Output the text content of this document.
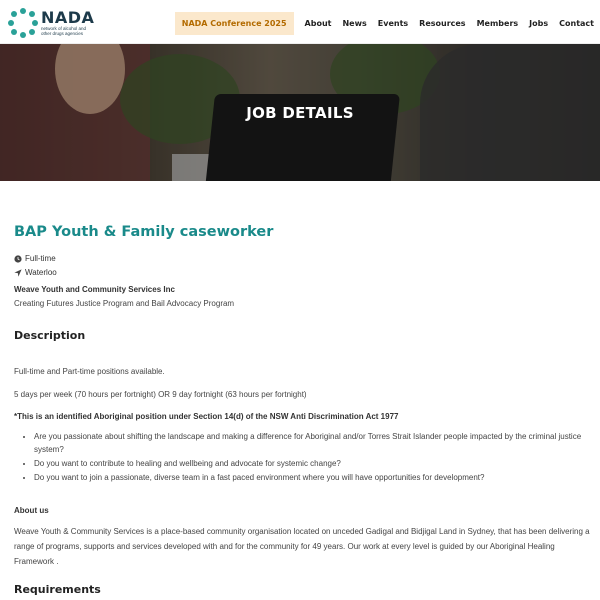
NADA
network of alcohol and other drugs agencies
NADA Conference 2025	About News Events Resources Members Jobs Contact
JOB DETAILS
BAP Youth & Family caseworker
Full-time
Waterloo
Weave Youth and Community Services Inc
Creating Futures Justice Program and Bail Advocacy Program
Description
Full-time and Part-time positions available.
5 days per week (70 hours per fortnight) OR 9 day fortnight (63 hours per fortnight)
*This is an identified Aboriginal position under Section 14(d) of the NSW Anti Discrimination Act 1977
• Are you passionate about shifting the landscape and making a difference for Aboriginal and/or Torres Strait Islander people impacted by the criminal justice system?
• Do you want to contribute to healing and wellbeing and advocate for systemic change?
• Do you want to join a passionate, diverse team in a fast paced environment where you will have opportunities for development?
About us
Weave Youth & Community Services is a place-based community organisation located on unceded Gadigal and Bidjigal Land in Sydney, that has been delivering a range of programs, supports and services developed with and for the community for 49 years. Our work at every level is guided by our Aboriginal Healing Framework .
Requirements
